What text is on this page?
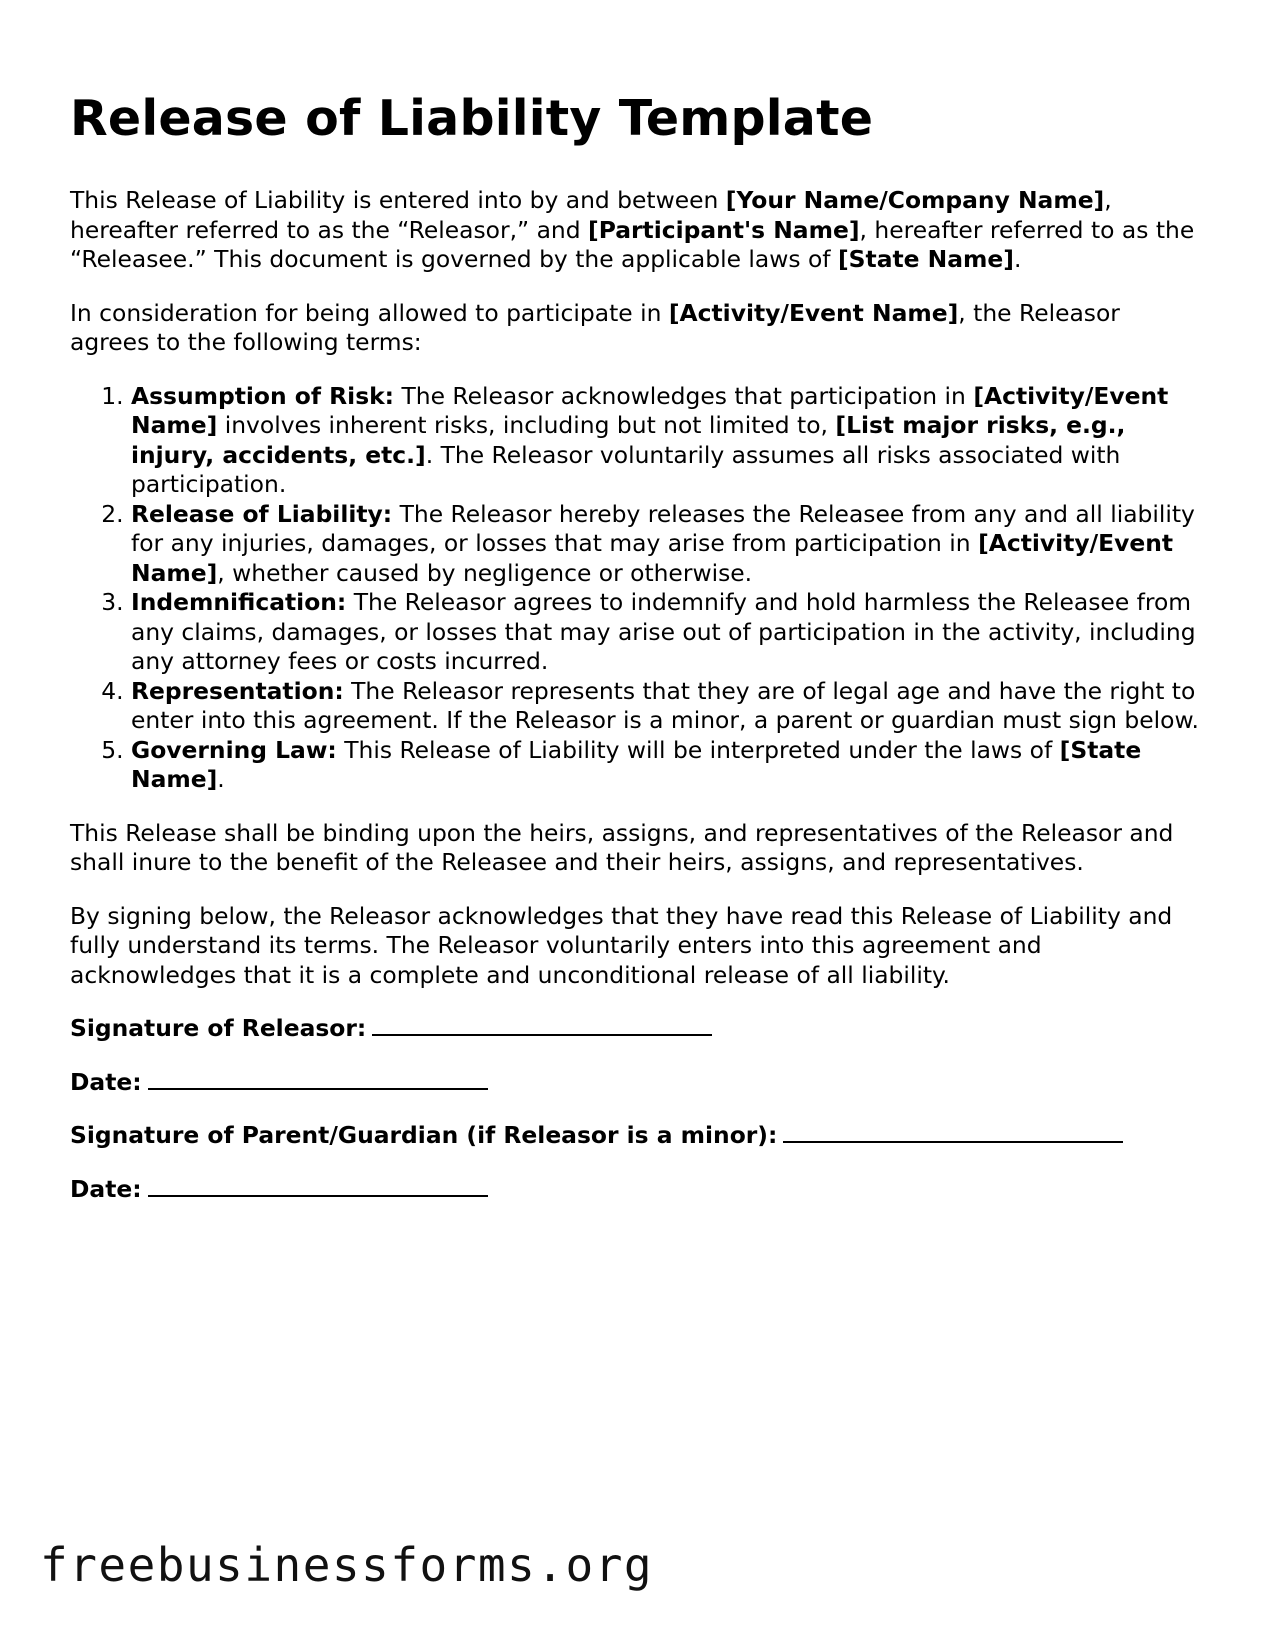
Release of Liability Template

This Release of Liability is entered into by and between [Your Name/Company Name], hereafter referred to as the “Releasor,” and [Participant's Name], hereafter referred to as the “Releasee.” This document is governed by the applicable laws of [State Name].

In consideration for being allowed to participate in [Activity/Event Name], the Releasor agrees to the following terms:

1. Assumption of Risk: The Releasor acknowledges that participation in [Activity/Event Name] involves inherent risks, including but not limited to, [List major risks, e.g., injury, accidents, etc.]. The Releasor voluntarily assumes all risks associated with participation.
2. Release of Liability: The Releasor hereby releases the Releasee from any and all liability for any injuries, damages, or losses that may arise from participation in [Activity/Event Name], whether caused by negligence or otherwise.
3. Indemnification: The Releasor agrees to indemnify and hold harmless the Releasee from any claims, damages, or losses that may arise out of participation in the activity, including any attorney fees or costs incurred.
4. Representation: The Releasor represents that they are of legal age and have the right to enter into this agreement. If the Releasor is a minor, a parent or guardian must sign below.
5. Governing Law: This Release of Liability will be interpreted under the laws of [State Name].

This Release shall be binding upon the heirs, assigns, and representatives of the Releasor and shall inure to the benefit of the Releasee and their heirs, assigns, and representatives.

By signing below, the Releasor acknowledges that they have read this Release of Liability and fully understand its terms. The Releasor voluntarily enters into this agreement and acknowledges that it is a complete and unconditional release of all liability.

Signature of Releasor:
Date:
Signature of Parent/Guardian (if Releasor is a minor):
Date:
freebusinessforms.org
